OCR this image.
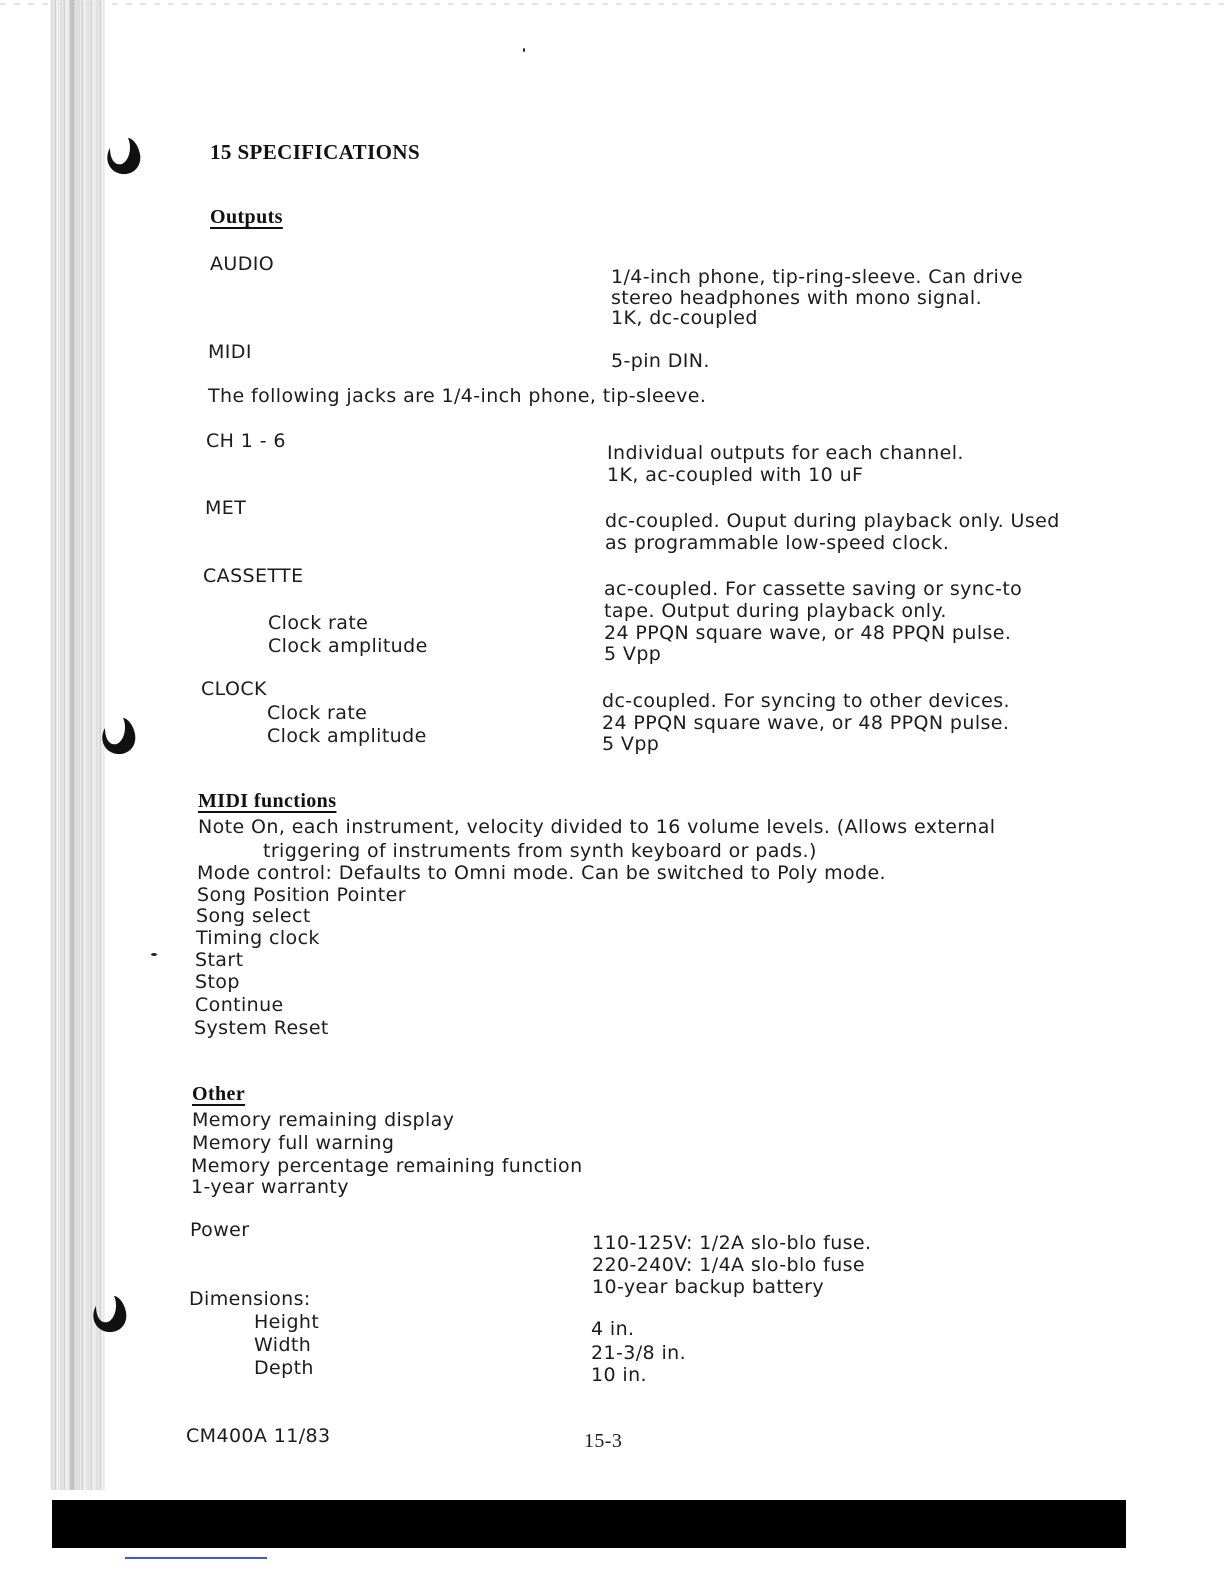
15 SPECIFICATIONS
Outputs
AUDIO
1/4-inch phone, tip-ring-sleeve. Can drive
stereo headphones with mono signal.
1K, dc-coupled
MIDI	5-pin DIN.
The following jacks are 1/4-inch phone, tip-sleeve.
CH 1 - 6
Individual outputs for each channel.
1K, ac-coupled with 10 uF
MET
dc-coupled. Ouput during playback only. Used
as programmable low-speed clock.
CASSETTE
Clock rate
Clock amplitude
ac-coupled. For cassette saving or sync-to
tape. Output during playback only.
24 PPQN square wave, or 48 PPQN pulse.
5 Vpp
CLOCK
Clock rate
Clock amplitude
dc-coupled. For syncing to other devices.
24 PPQN square wave, or 48 PPQN pulse.
5 Vpp
MIDI functions
Note On, each instrument, velocity divided to 16 volume levels. (Allows external
triggering of instruments from synth keyboard or pads.)
Mode control: Defaults to Omni mode. Can be switched to Poly mode.
Song Position Pointer
Song select
Timing clock
Start
Stop
Continue
System Reset
Other
Memory remaining display
Memory full warning
Memory percentage remaining function
1-year warranty
Power
110-125V: 1/2A slo-blo fuse.
220-240V: 1/4A slo-blo fuse
10-year backup battery
Dimensions:
Height
Width
Depth
4 in.
21-3/8 in.
10 in.
CM400A 11/83	15-3
